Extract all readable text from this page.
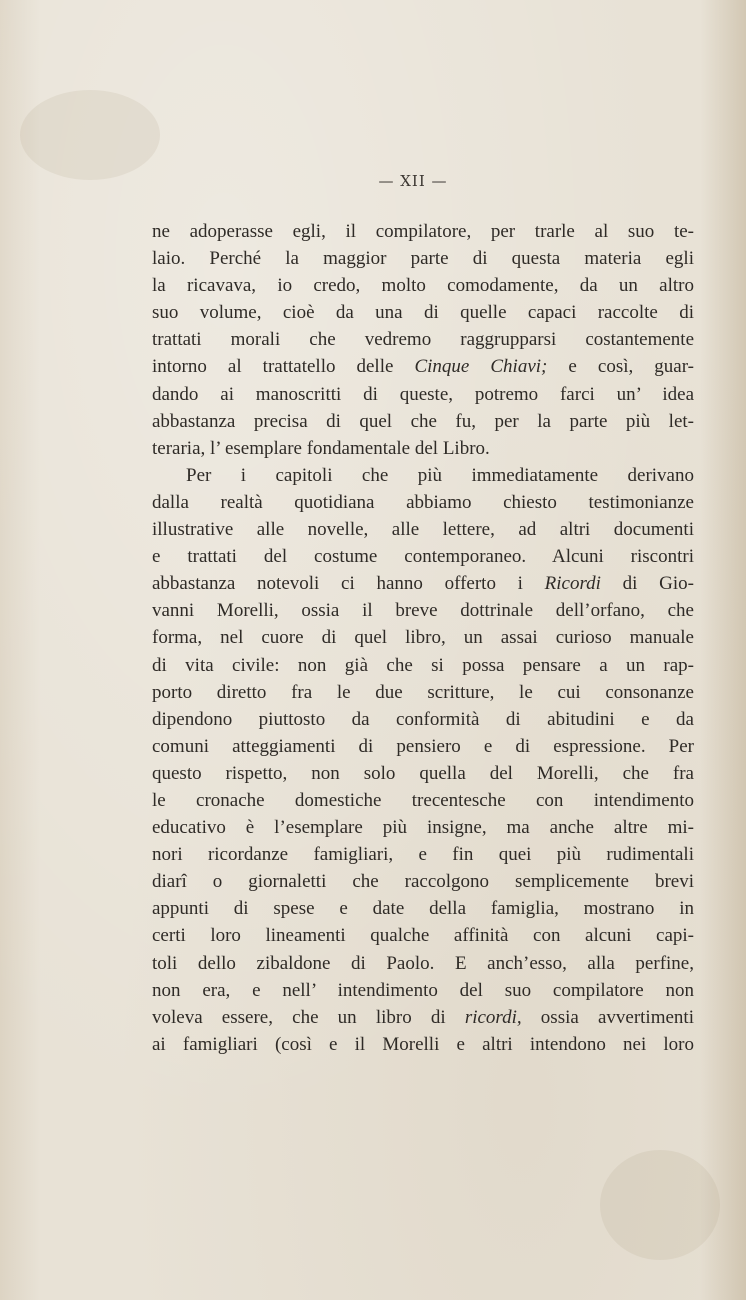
— XII —
ne adoperasse egli, il compilatore, per trarle al suo te-
laio. Perché la maggior parte di questa materia egli
la ricavava, io credo, molto comodamente, da un altro
suo volume, cioè da una di quelle capaci raccolte di
trattati morali che vedremo raggrupparsi costantemente
intorno al trattatello delle Cinque Chiavi; e così, guar-
dando ai manoscritti di queste, potremo farci un’ idea
abbastanza precisa di quel che fu, per la parte più let-
teraria, l’ esemplare fondamentale del Libro.
Per i capitoli che più immediatamente derivano
dalla realtà quotidiana abbiamo chiesto testimonianze
illustrative alle novelle, alle lettere, ad altri documenti
e trattati del costume contemporaneo. Alcuni riscontri
abbastanza notevoli ci hanno offerto i Ricordi di Gio-
vanni Morelli, ossia il breve dottrinale dell’orfano, che
forma, nel cuore di quel libro, un assai curioso manuale
di vita civile: non già che si possa pensare a un rap-
porto diretto fra le due scritture, le cui consonanze
dipendono piuttosto da conformità di abitudini e da
comuni atteggiamenti di pensiero e di espressione. Per
questo rispetto, non solo quella del Morelli, che fra
le cronache domestiche trecentesche con intendimento
educativo è l’esemplare più insigne, ma anche altre mi-
nori ricordanze famigliari, e fin quei più rudimentali
diarî o giornaletti che raccolgono semplicemente brevi
appunti di spese e date della famiglia, mostrano in
certi loro lineamenti qualche affinità con alcuni capi-
toli dello zibaldone di Paolo. E anch’esso, alla perfine,
non era, e nell’ intendimento del suo compilatore non
voleva essere, che un libro di ricordi, ossia avvertimenti
ai famigliari (così e il Morelli e altri intendono nei loro
